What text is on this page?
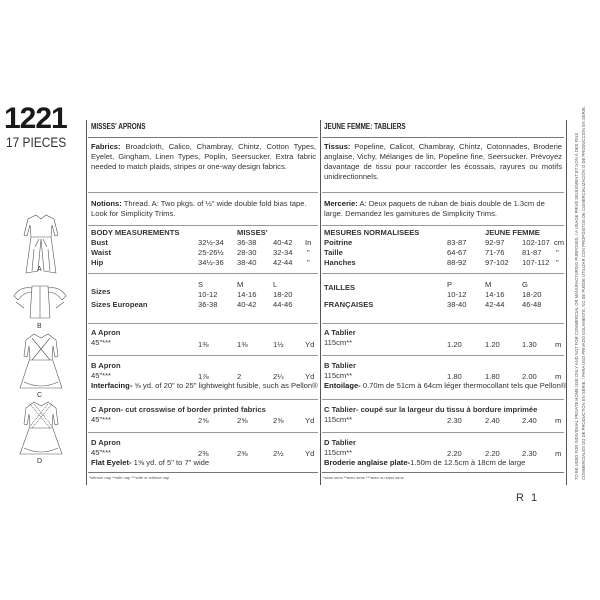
1221
17 PIECES
A
B
C
D
MISSES' APRONS
Fabrics: Broadcloth, Calico, Chambray, Chintz, Cotton Types, Eyelet, Gingham, Linen Types, Poplin, Seersucker. Extra fabric needed to match plaids, stripes or one-way design fabrics.
Notions: Thread. A: Two pkgs. of ½" wide double fold bias tape. Look for Simplicity Trims.
BODY MEASUREMENTS	MISSES'
Bust	32½-34 36-38 40-42 In
Waist	25-26½ 28-30 32-34 "
Hip	34½-36 38-40 42-44 "
Sizes
S	M	L
10-12	14-16 18-20
Sizes European	36-38	40-42 44-46
A Apron
45"***	1⅜	1⅜	1½	Yd
B Apron
45"***	1⅞	2	2¼	Yd
Interfacing- ⅝ yd. of 20" to 25" lightweight fusible, such as Pellon®
C Apron- cut crosswise of border printed fabrics
45"***	2⅝	2⅝	2⅝	Yd
D Apron
45"***	2⅜	2⅜	2½	Yd
Flat Eyelet- 1⅝ yd. of 5" to 7" wide
*without nap **with nap ***with or without nap
JEUNE FEMME: TABLIERS
Tissus: Popeline, Calicot, Chambray, Chintz, Cotonnades, Broderie anglaise, Vichy, Mélanges de lin, Popeline fine, Seersucker. Prévoyez davantage de tissu pour raccorder les écossais, rayures ou motifs unidirectionnels.
Mercerie: A: Deux paquets de ruban de biais double de 1.3cm de large. Demandez les garnitures de Simplicity Trims.
MESURES NORMALISEES	JEUNE FEMME
Poitrine	83-87 92-97 102-107 cm
Taille	64-67 71-76 81-87 "
Hanches	88-92 97-102 107-112 "
TAILLES	P	M	G
10-12 14-16 18-20
FRANÇAISES	38-40 42-44 46-48
A Tablier
115cm**	1.20	1.20	1.30 m
B Tablier
115cm**	1.80	1.80	2.00 m
Entoilage- 0.70m de 51cm à 64cm léger thermocollant tels que Pellon®
C Tablier- coupé sur la largeur du tissu à bordure imprimée
115cm**	2.30	2.40	2.40 m
D Tablier
115cm**	2.20	2.20	2.30 m
Broderie anglaise plate-1.50m de 12.5cm à 18cm de large
*sans sens **avec sens ***avec ou sans sens	TO BE USED FOR INDIVIDUAL PRIVATE HOME USE ONLY AND NOT FOR COMMERCIAL OR MANUFACTURING PURPOSES. / A USAGE PRIVÉ SEULEMENT ET NON À DES FINS COMMERCIALES OU DE PRODUCTION EN SÉRIE. / PARA USO PRIVADO SOLAMENTE, NO SE PUEDE UTILIZAR CON PROPÓSITOS DE COMERCIALIZACIÓN O DE PRODUCCIÓN EN SERIE.
R 1
